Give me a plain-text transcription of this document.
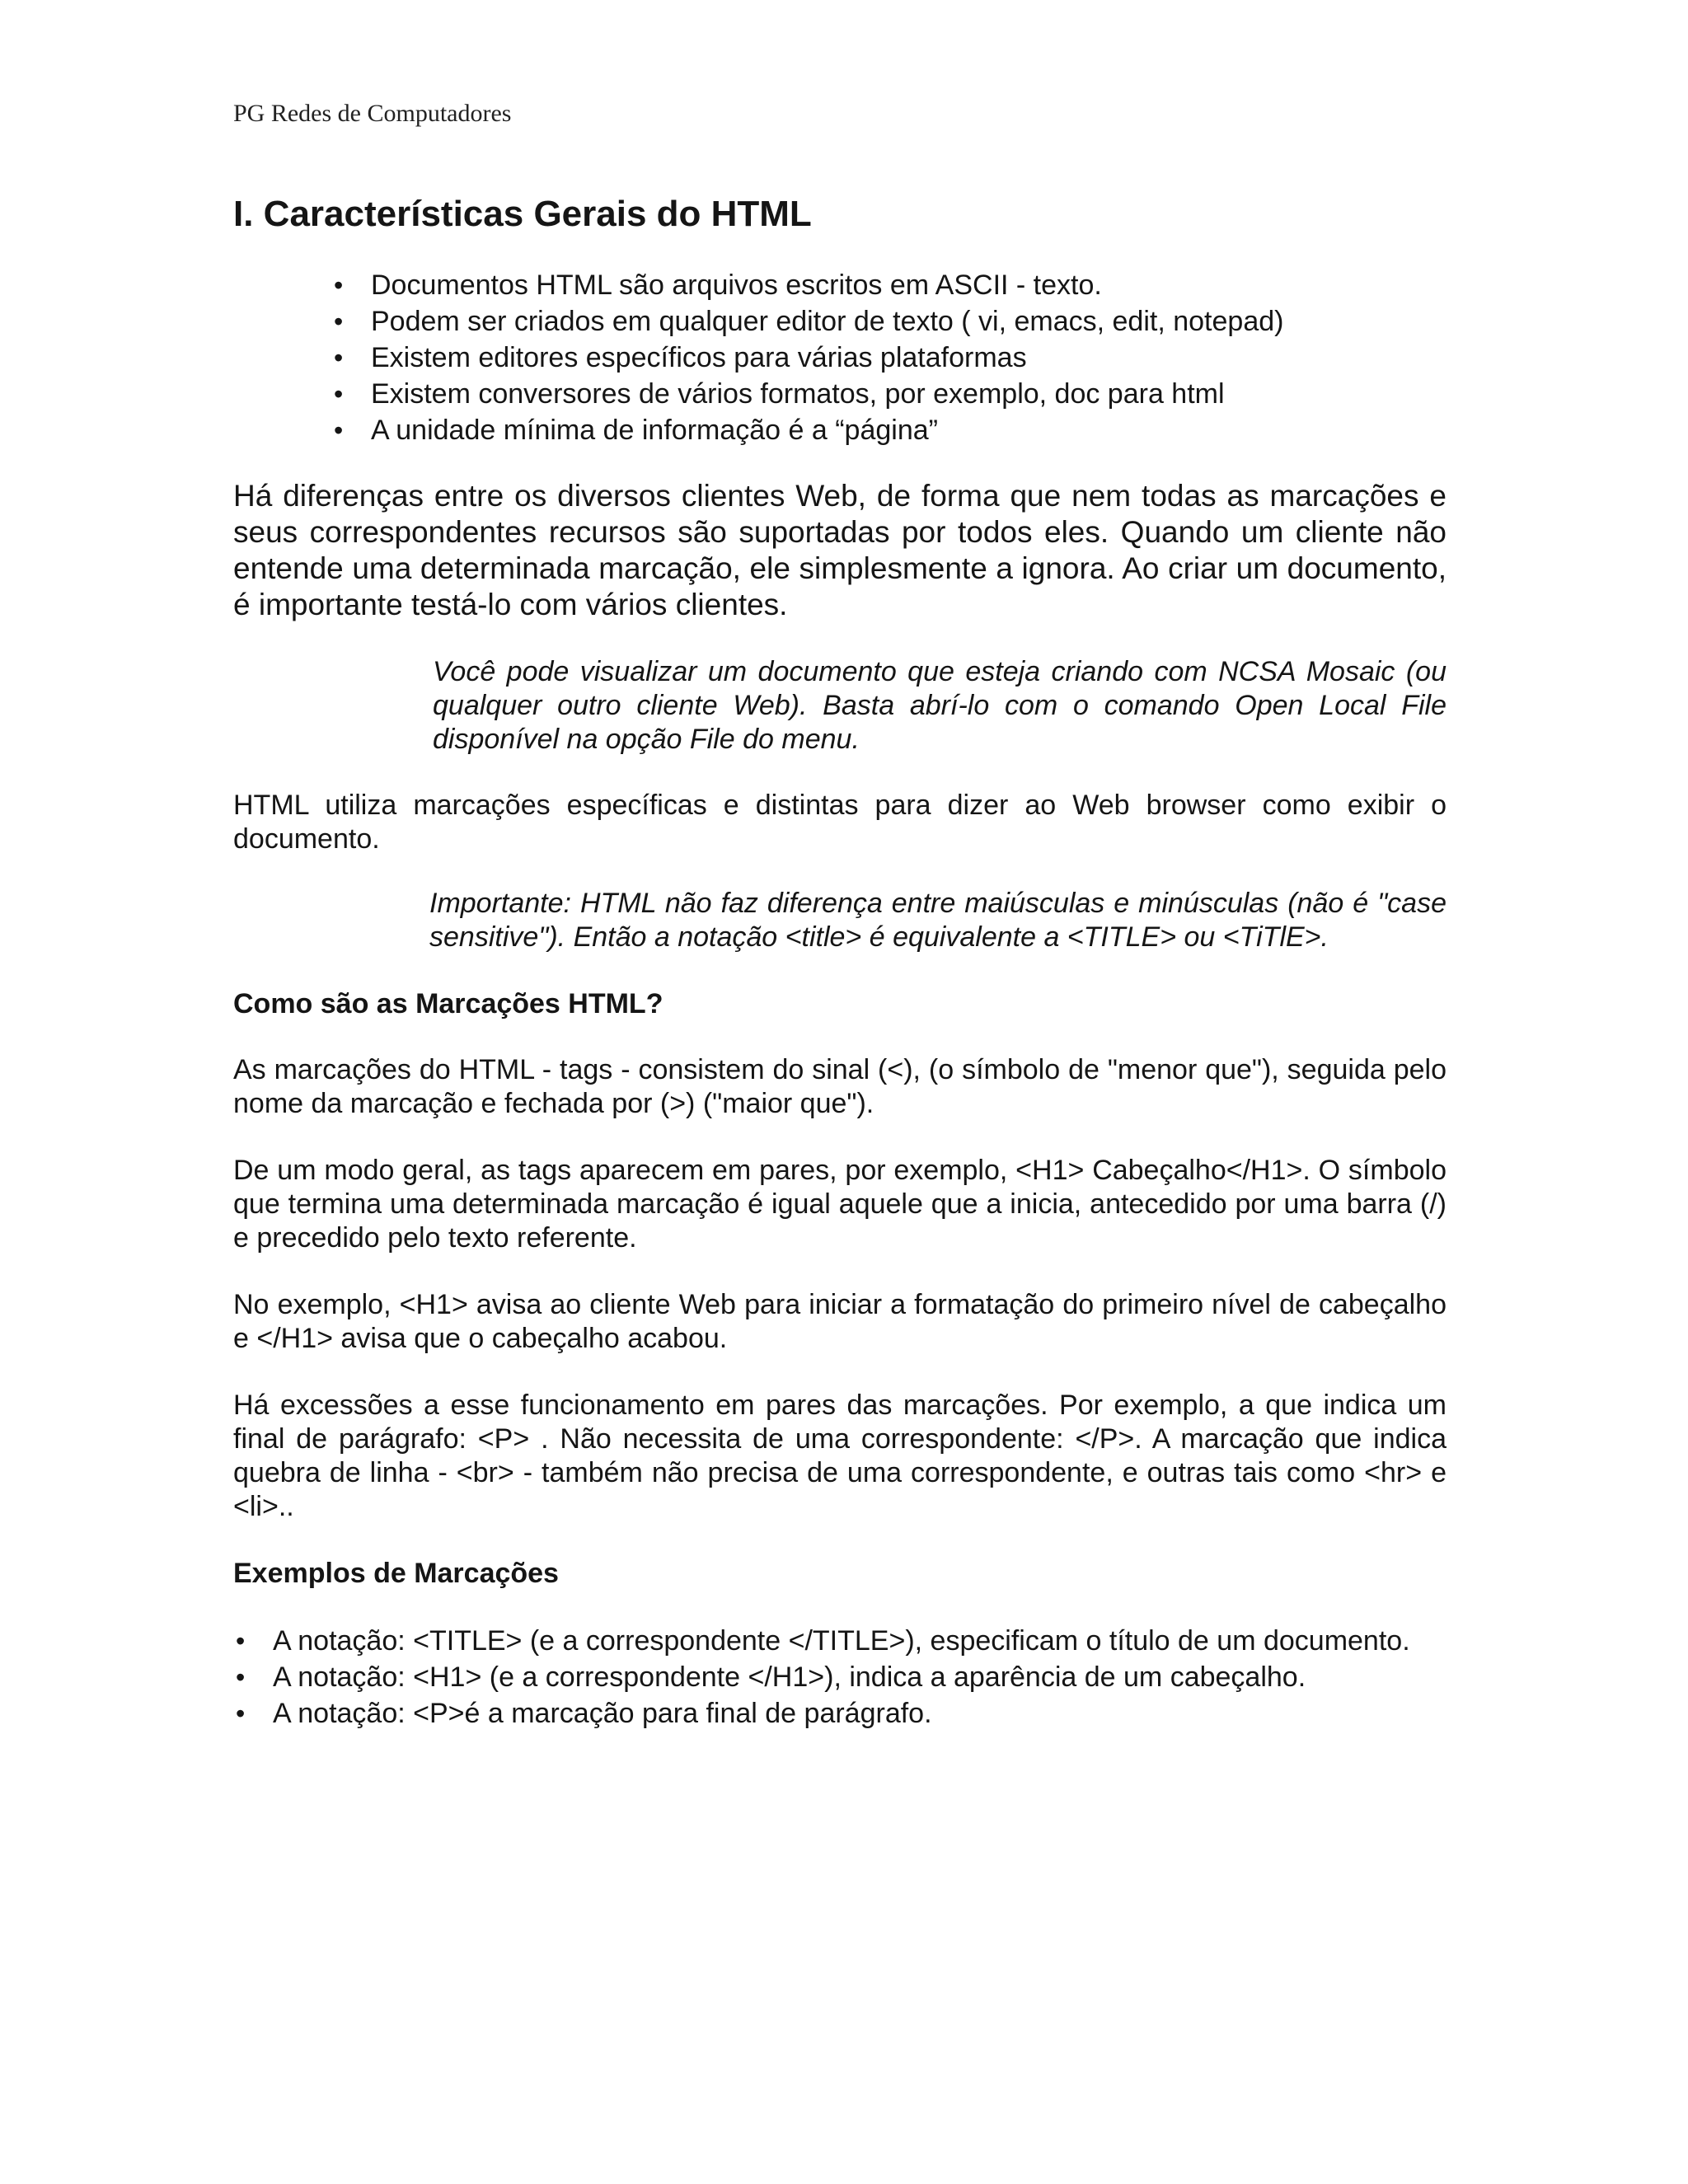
PG Redes de Computadores
I. Características Gerais do HTML
• Documentos HTML são arquivos escritos em ASCII - texto.
• Podem ser criados em qualquer editor de texto ( vi, emacs, edit, notepad)
• Existem editores específicos para várias plataformas
• Existem conversores de vários formatos, por exemplo, doc para html
• A unidade mínima de informação é a “página”

Há diferenças entre os diversos clientes Web, de forma que nem todas as marcações e seus correspondentes recursos são suportadas por todos eles. Quando um cliente não entende uma determinada marcação, ele simplesmente a ignora. Ao criar um documento, é importante testá-lo com vários clientes.

Você pode visualizar um documento que esteja criando com NCSA Mosaic (ou qualquer outro cliente Web). Basta abrí-lo com o comando Open Local File disponível na opção File do menu.

HTML utiliza marcações específicas e distintas para dizer ao Web browser como exibir o documento.

Importante: HTML não faz diferença entre maiúsculas e minúsculas (não é "case sensitive"). Então a notação <title> é equivalente a <TITLE> ou <TiTlE>.

Como são as Marcações HTML?

As marcações do HTML - tags - consistem do sinal (<), (o símbolo de "menor que"), seguida pelo nome da marcação e fechada por (>) ("maior que").

De um modo geral, as tags aparecem em pares, por exemplo, <H1> Cabeçalho</H1>. O símbolo que termina uma determinada marcação é igual aquele que a inicia, antecedido por uma barra (/) e precedido pelo texto referente.

No exemplo, <H1> avisa ao cliente Web para iniciar a formatação do primeiro nível de cabeçalho e </H1> avisa que o cabeçalho acabou.

Há excessões a esse funcionamento em pares das marcações. Por exemplo, a que indica um final de parágrafo: <P> . Não necessita de uma correspondente: </P>. A marcação que indica quebra de linha - <br> - também não precisa de uma correspondente, e outras tais como <hr> e <li>..

Exemplos de Marcações
• A notação: <TITLE> (e a correspondente </TITLE>), especificam o título de um documento.
• A notação: <H1> (e a correspondente </H1>), indica a aparência de um cabeçalho.
• A notação: <P>é a marcação para final de parágrafo.
